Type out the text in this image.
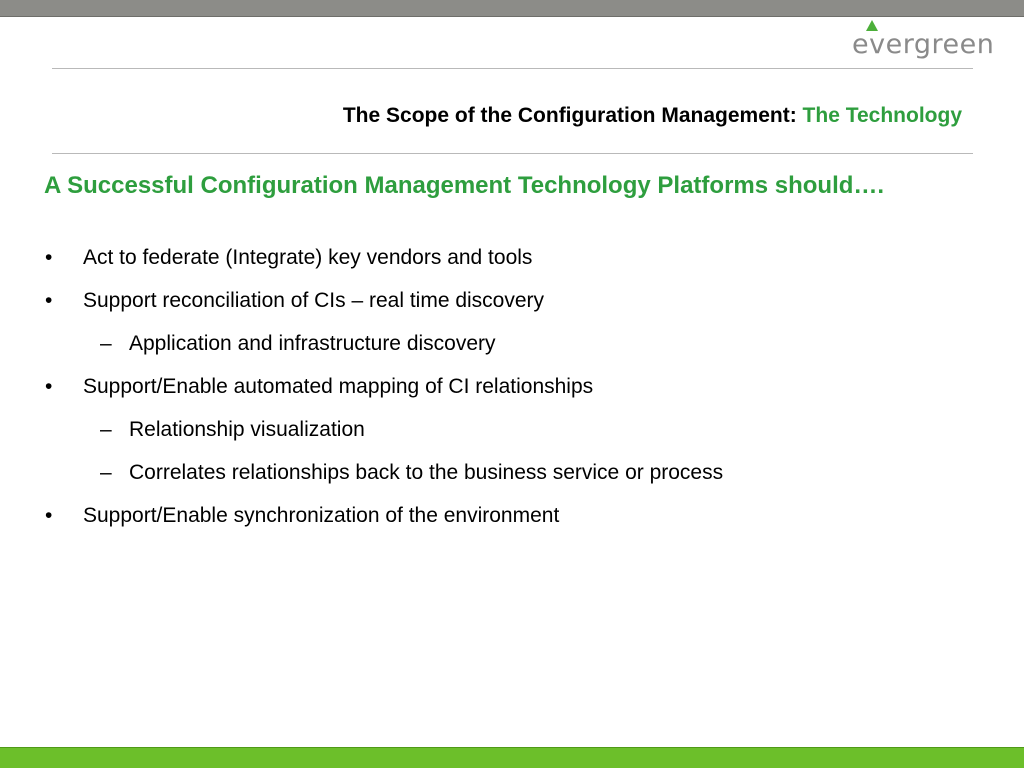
evergreen
The Scope of the Configuration Management: The Technology
A Successful Configuration Management Technology Platforms should….
• Act to federate (Integrate) key vendors and tools
• Support reconciliation of CIs – real time discovery
– Application and infrastructure discovery
• Support/Enable automated mapping of CI relationships
– Relationship visualization
– Correlates relationships back to the business service or process
• Support/Enable synchronization of the environment
